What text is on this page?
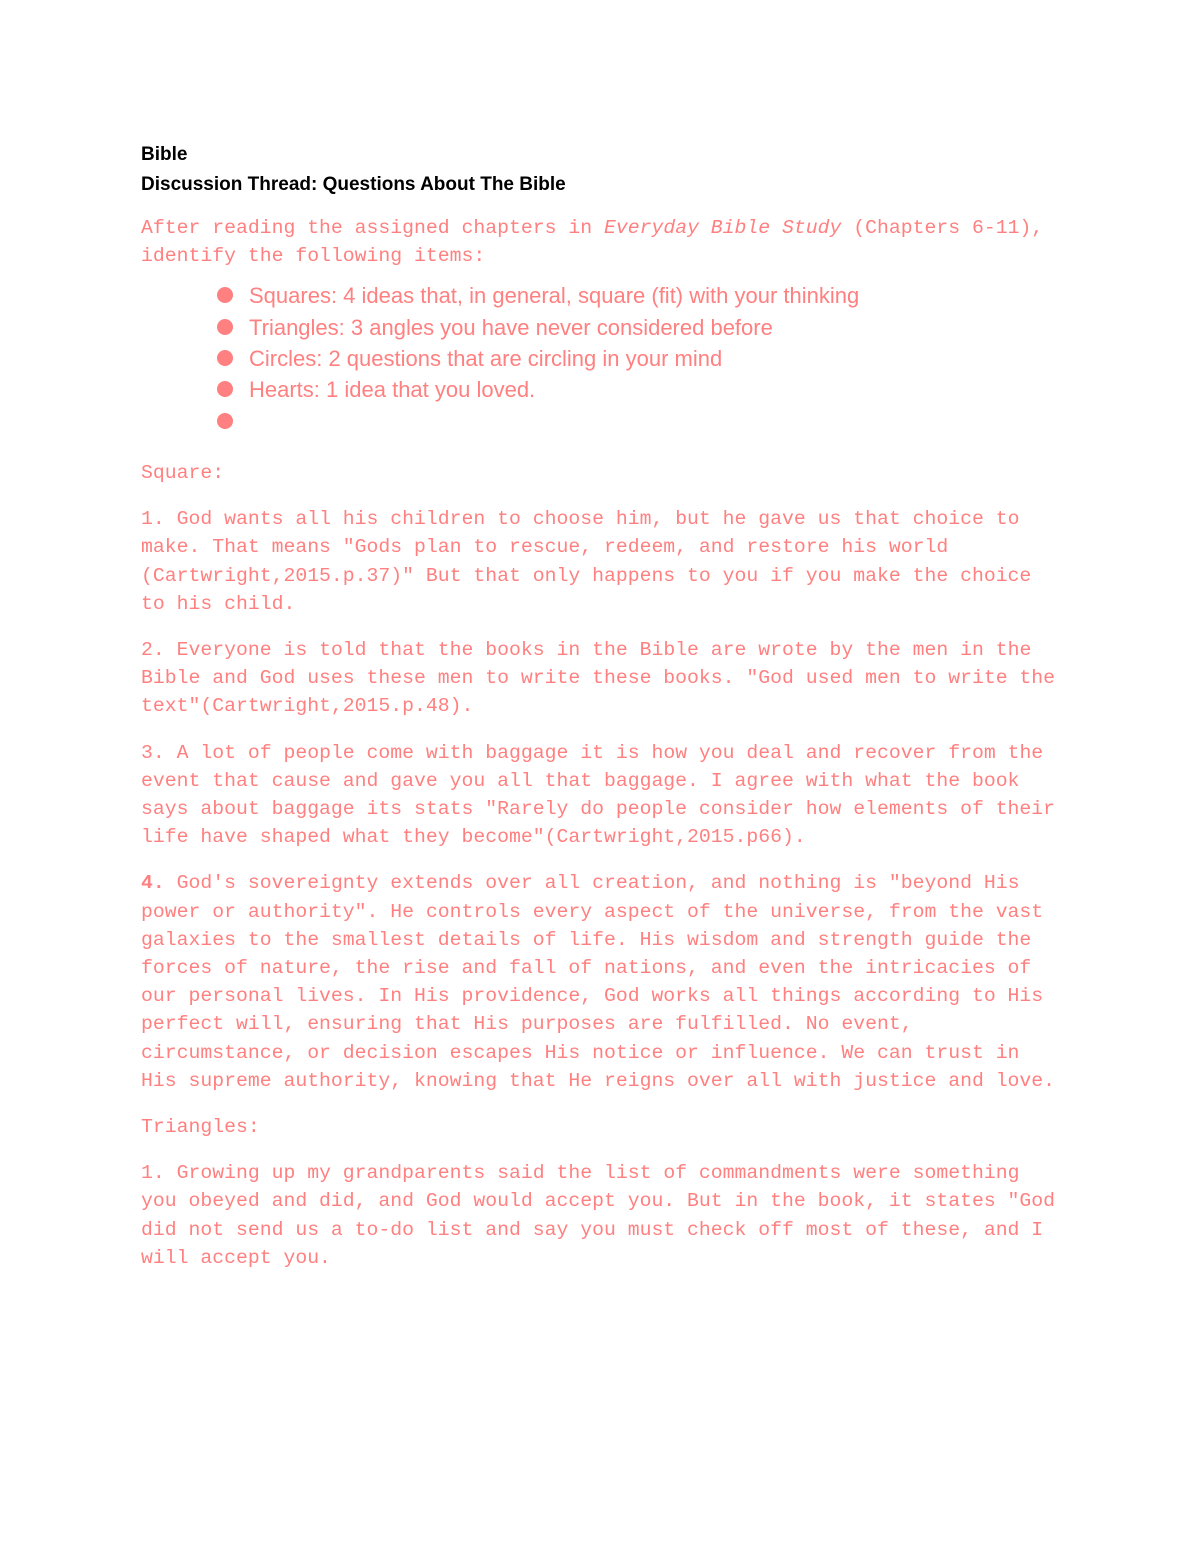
Bible

Discussion Thread: Questions About The Bible

After reading the assigned chapters in Everyday Bible Study (Chapters 6-11), identify the following items:

Squares: 4 ideas that, in general, square (fit) with your thinking
Triangles: 3 angles you have never considered before
Circles: 2 questions that are circling in your mind
Hearts: 1 idea that you loved.

Square:

1. God wants all his children to choose him, but he gave us that choice to make. That means "Gods plan to rescue, redeem, and restore his world (Cartwright,2015.p.37)" But that only happens to you if you make the choice to his child.

2. Everyone is told that the books in the Bible are wrote by the men in the Bible and God uses these men to write these books. "God used men to write the text"(Cartwright,2015.p.48).

3. A lot of people come with baggage it is how you deal and recover from the event that cause and gave you all that baggage. I agree with what the book says about baggage its stats "Rarely do people consider how elements of their life have shaped what they become"(Cartwright,2015.p66).

4. God's sovereignty extends over all creation, and nothing is "beyond His power or authority". He controls every aspect of the universe, from the vast galaxies to the smallest details of life. His wisdom and strength guide the forces of nature, the rise and fall of nations, and even the intricacies of our personal lives. In His providence, God works all things according to His perfect will, ensuring that His purposes are fulfilled. No event, circumstance, or decision escapes His notice or influence. We can trust in His supreme authority, knowing that He reigns over all with justice and love.

Triangles:

1. Growing up my grandparents said the list of commandments were something you obeyed and did, and God would accept you. But in the book, it states "God did not send us a to-do list and say you must check off most of these, and I will accept you.
